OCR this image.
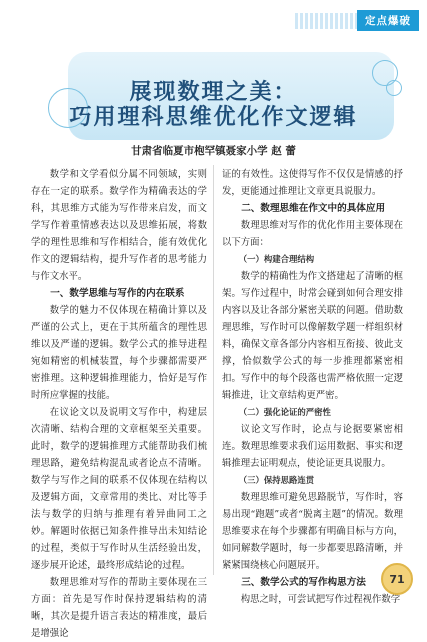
定点爆破
展现数理之美：
巧用理科思维优化作文逻辑
甘肃省临夏市枹罕镇聂家小学 赵 蕾

数学和文学看似分属不同领域，实则存在一定的联系。数学作为精确表达的学科，其思维方式能为写作带来启发，而文学写作着重情感表达以及思维拓展，将数学的理性思维和写作相结合，能有效优化作文的逻辑结构，提升写作者的思考能力与作文水平。

一、数学思维与写作的内在联系

数学的魅力不仅体现在精确计算以及严谨的公式上，更在于其所蕴含的理性思维以及严谨的逻辑。数学公式的推导进程宛如精密的机械装置，每个步骤都需要严密推理。这种逻辑推理能力，恰好是写作时所应掌握的技能。

在议论文以及说明文写作中，构建层次清晰、结构合理的文章框架至关重要。此时，数学的逻辑推理方式能帮助我们梳理思路，避免结构混乱或者论点不清晰。数学与写作之间的联系不仅体现在结构以及逻辑方面，文章常用的类比、对比等手法与数学的归纳与推理有着异曲同工之妙。解题时依据已知条件推导出未知结论的过程，类似于写作时从生活经验出发，逐步展开论述，最终形成结论的过程。

数理思维对写作的帮助主要体现在三方面：首先是写作时保持逻辑结构的清晰，其次是提升语言表达的精准度，最后是增强论

证的有效性。这使得写作不仅仅是情感的抒发，更能通过推理让文章更具说服力。

二、数理思维在作文中的具体应用

数理思维对写作的优化作用主要体现在以下方面：

（一）构建合理结构

数学的精确性为作文搭建起了清晰的框架。写作过程中，时常会碰到如何合理安排内容以及让各部分紧密关联的问题。借助数理思维，写作时可以像解数学题一样组织材料，确保文章各部分内容相互衔接、彼此支撑，恰似数学公式的每一步推理都紧密相扣。写作中的每个段落也需严格依照一定逻辑推进，让文章结构更严密。

（二）强化论证的严密性

议论文写作时，论点与论据要紧密相连。数理思维要求我们运用数据、事实和逻辑推理去证明观点，使论证更具说服力。

（三）保持思路连贯

数理思维可避免思路脱节，写作时，容易出现“跑题”或者“脱离主题”的情况。数理思维要求在每个步骤都有明确目标与方向，如同解数学题时，每一步都要思路清晰，并紧紧围绕核心问题展开。

三、数学公式的写作构思方法

构思之时，可尝试把写作过程视作数学

71
